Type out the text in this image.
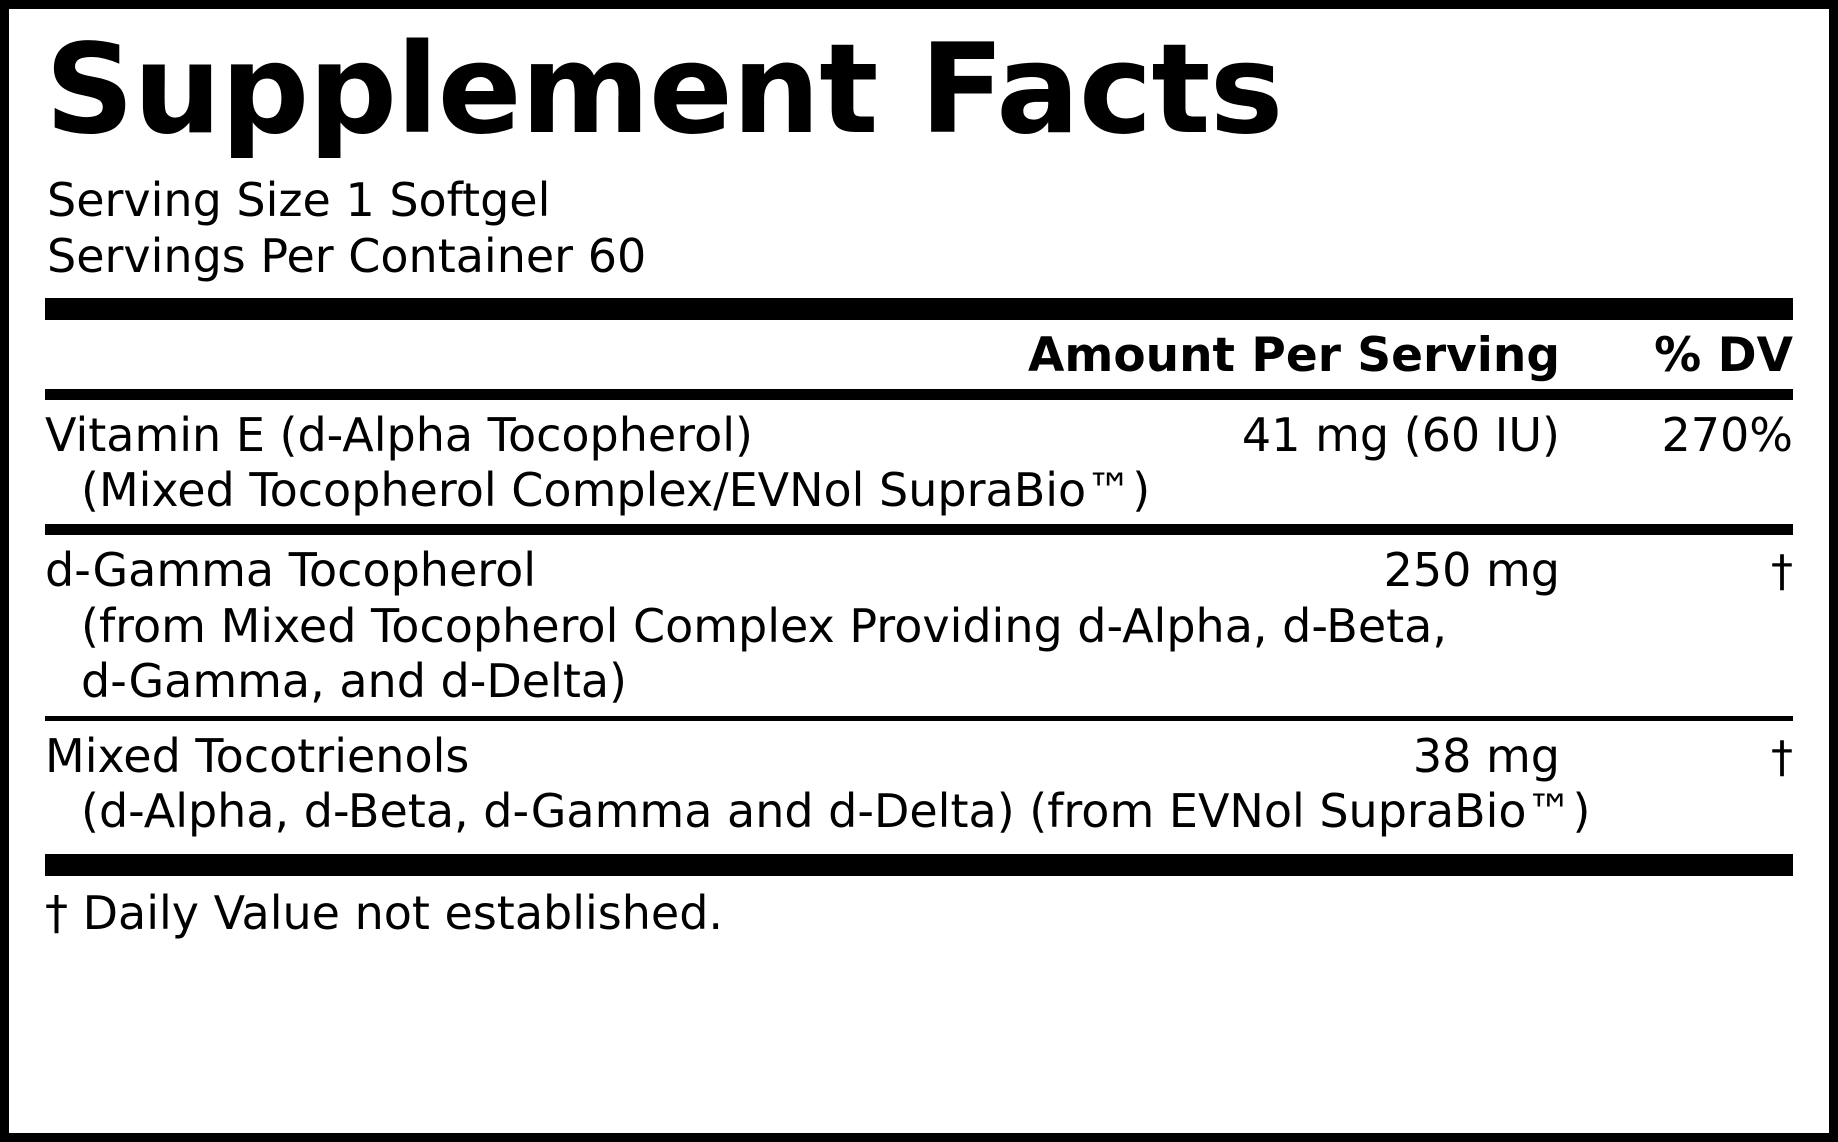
Supplement Facts
Serving Size 1 Softgel
Servings Per Container 60
Amount Per Serving	% DV
Vitamin E (d-Alpha Tocopherol)	41 mg (60 IU)	270%
(Mixed Tocopherol Complex/EVNol SupraBio™)
d-Gamma Tocopherol	250 mg	†
(from Mixed Tocopherol Complex Providing d-Alpha, d-Beta,
d-Gamma, and d-Delta)
Mixed Tocotrienols	38 mg	†
(d-Alpha, d-Beta, d-Gamma and d-Delta) (from EVNol SupraBio™)
† Daily Value not established.
